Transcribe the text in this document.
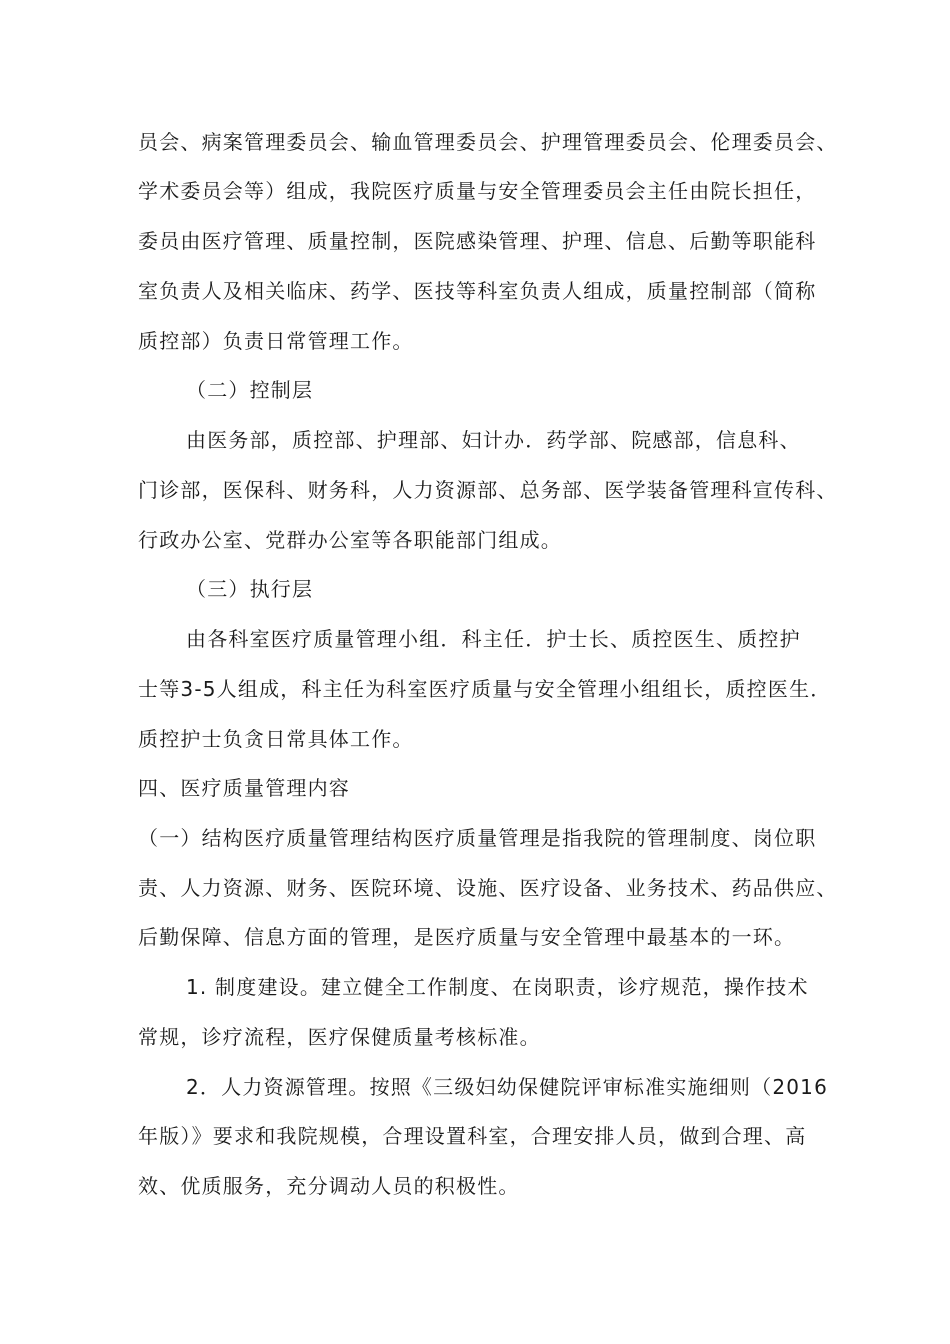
员会、病案管理委员会、输血管理委员会、护理管理委员会、伦理委员会、
学术委员会等）组成，我院医疗质量与安全管理委员会主任由院长担任，
委员由医疗管理、质量控制，医院感染管理、护理、信息、后勤等职能科
室负责人及相关临床、药学、医技等科室负责人组成，质量控制部（简称
质控部）负责日常管理工作。
（二）控制层
由医务部，质控部、护理部、妇计办．药学部、院感部，信息科、
门诊部，医保科、财务科，人力资源部、总务部、医学装备管理科宣传科、
行政办公室、党群办公室等各职能部门组成。
（三）执行层
由各科室医疗质量管理小组．科主任．护士长、质控医生、质控护
士等3-5人组成，科主任为科室医疗质量与安全管理小组组长，质控医生．
质控护士负贪日常具体工作。
四、医疗质量管理内容
（一）结构医疗质量管理结构医疗质量管理是指我院的管理制度、岗位职
责、人力资源、财务、医院环境、设施、医疗设备、业务技术、药品供应、
后勤保障、信息方面的管理，是医疗质量与安全管理中最基本的一环。
1. 制度建设。建立健全工作制度、在岗职责，诊疗规范，操作技术
常规，诊疗流程，医疗保健质量考核标准。
2．人力资源管理。按照《三级妇幼保健院评审标准实施细则（2016
年版）》要求和我院规模，合理设置科室，合理安排人员，做到合理、高
效、优质服务，充分调动人员的积极性。
